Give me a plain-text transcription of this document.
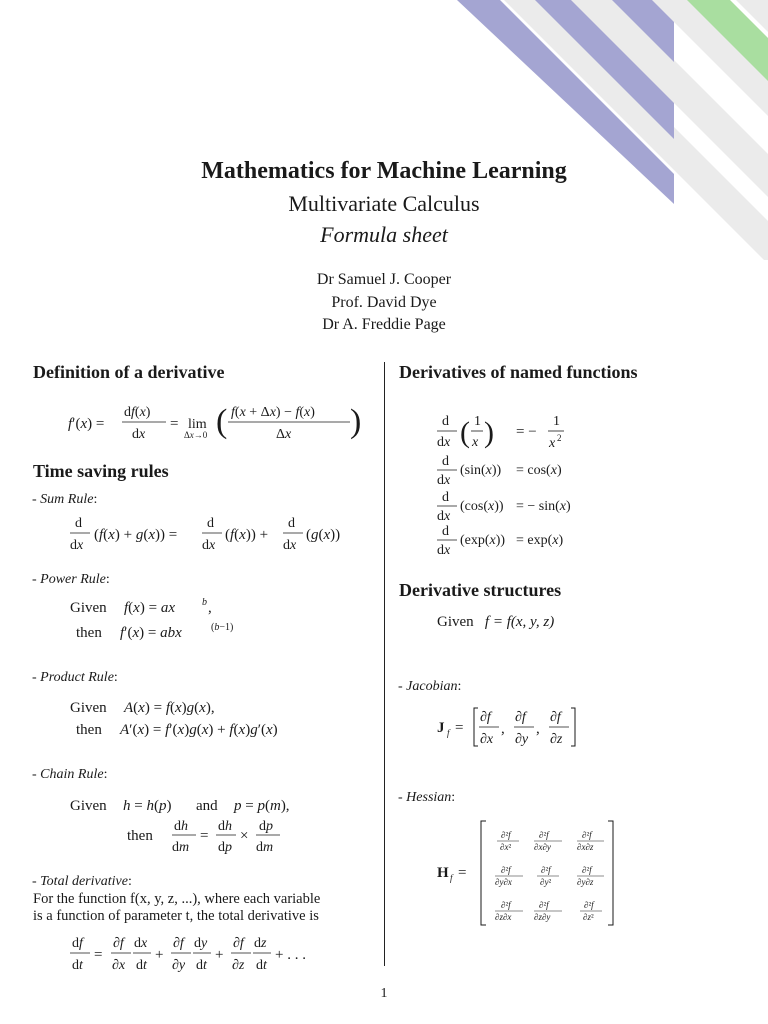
Mathematics for Machine Learning
Multivariate Calculus
Formula sheet
Dr Samuel J. Cooper
Prof. David Dye
Dr A. Freddie Page
Definition of a derivative
f′(x) =
df(x)
dx
= lim
Δx→0 ( f(x + Δx) − f(x)
Δx )
Time saving rules
- Sum Rule:
d
dx
(f(x) + g(x)) =
d
dx
(f(x)) +
d
dx
(g(x))
- Power Rule:
Given f(x) = ax	b ,
then f′(x) = abx	(b−1)
- Product Rule:
Given A(x) = f(x)g(x),
then A′(x) = f′(x)g(x) + f(x)g′(x)
- Chain Rule:
Given h = h(p) and p = p(m),
then
dh
dm
=
dh
dp
×
dp
dm
- Total derivative:
For the function f(x, y, z, ...), where each variable
is a function of parameter t, the total derivative is
df
dt
=
∂f
∂x
dx
dt
+
∂f
∂y
dy
dt
+
∂f
∂z
dz
dt
+ . . .
Derivatives of named functions
d
dx ( 1
x ) = −
1
x 2
d
dx
(sin(x)) = cos(x)
d
dx
(cos(x)) = − sin(x)
d
dx
(exp(x)) = exp(x)
Derivative structures
Given f = f(x, y, z)
- Jacobian:
J f =
∂f
∂x
,
∂f
∂y
,
∂f
∂z
- Hessian:
H f =
∂²f
∂x²
∂²f
∂x∂y
∂²f
∂x∂z
∂²f
∂y∂x
∂²f
∂y²
∂²f
∂y∂z
∂²f
∂z∂x
∂²f
∂z∂y
∂²f
∂z²
1
